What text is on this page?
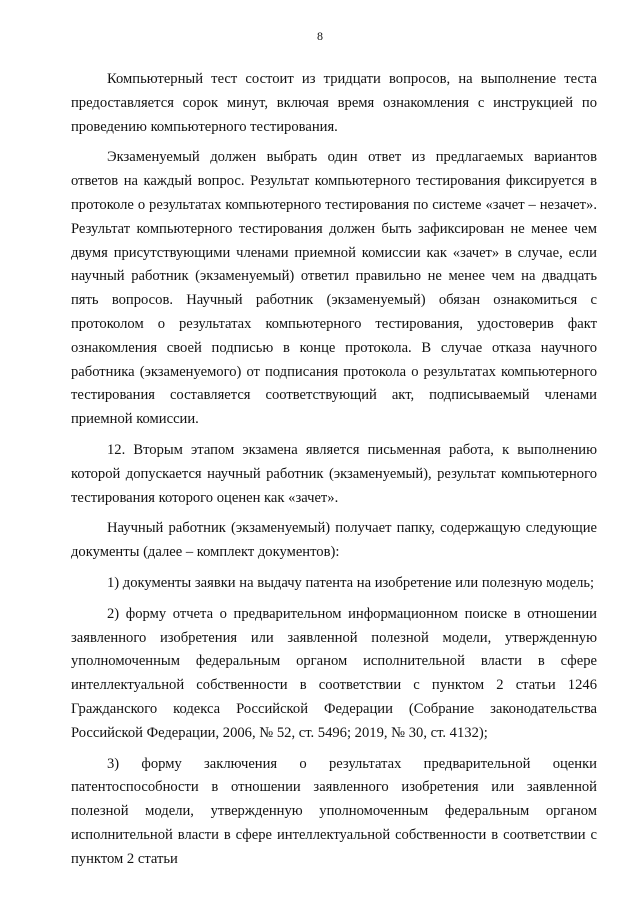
8

Компьютерный тест состоит из тридцати вопросов, на выполнение теста предоставляется сорок минут, включая время ознакомления с инструкцией по проведению компьютерного тестирования.

Экзаменуемый должен выбрать один ответ из предлагаемых вариантов ответов на каждый вопрос. Результат компьютерного тестирования фиксируется в протоколе о результатах компьютерного тестирования по системе «зачет – незачет». Результат компьютерного тестирования должен быть зафиксирован не менее чем двумя присутствующими членами приемной комиссии как «зачет» в случае, если научный работник (экзаменуемый) ответил правильно не менее чем на двадцать пять вопросов. Научный работник (экзаменуемый) обязан ознакомиться с протоколом о результатах компьютерного тестирования, удостоверив факт ознакомления своей подписью в конце протокола. В случае отказа научного работника (экзаменуемого) от подписания протокола о результатах компьютерного тестирования составляется соответствующий акт, подписываемый членами приемной комиссии.

12. Вторым этапом экзамена является письменная работа, к выполнению которой допускается научный работник (экзаменуемый), результат компьютерного тестирования которого оценен как «зачет».

Научный работник (экзаменуемый) получает папку, содержащую следующие документы (далее – комплект документов):

1) документы заявки на выдачу патента на изобретение или полезную модель;

2) форму отчета о предварительном информационном поиске в отношении заявленного изобретения или заявленной полезной модели, утвержденную уполномоченным федеральным органом исполнительной власти в сфере интеллектуальной собственности в соответствии с пунктом 2 статьи 1246 Гражданского кодекса Российской Федерации (Собрание законодательства Российской Федерации, 2006, № 52, ст. 5496; 2019, № 30, ст. 4132);

3) форму заключения о результатах предварительной оценки патентоспособности в отношении заявленного изобретения или заявленной полезной модели, утвержденную уполномоченным федеральным органом исполнительной власти в сфере интеллектуальной собственности в соответствии с пунктом 2 статьи
